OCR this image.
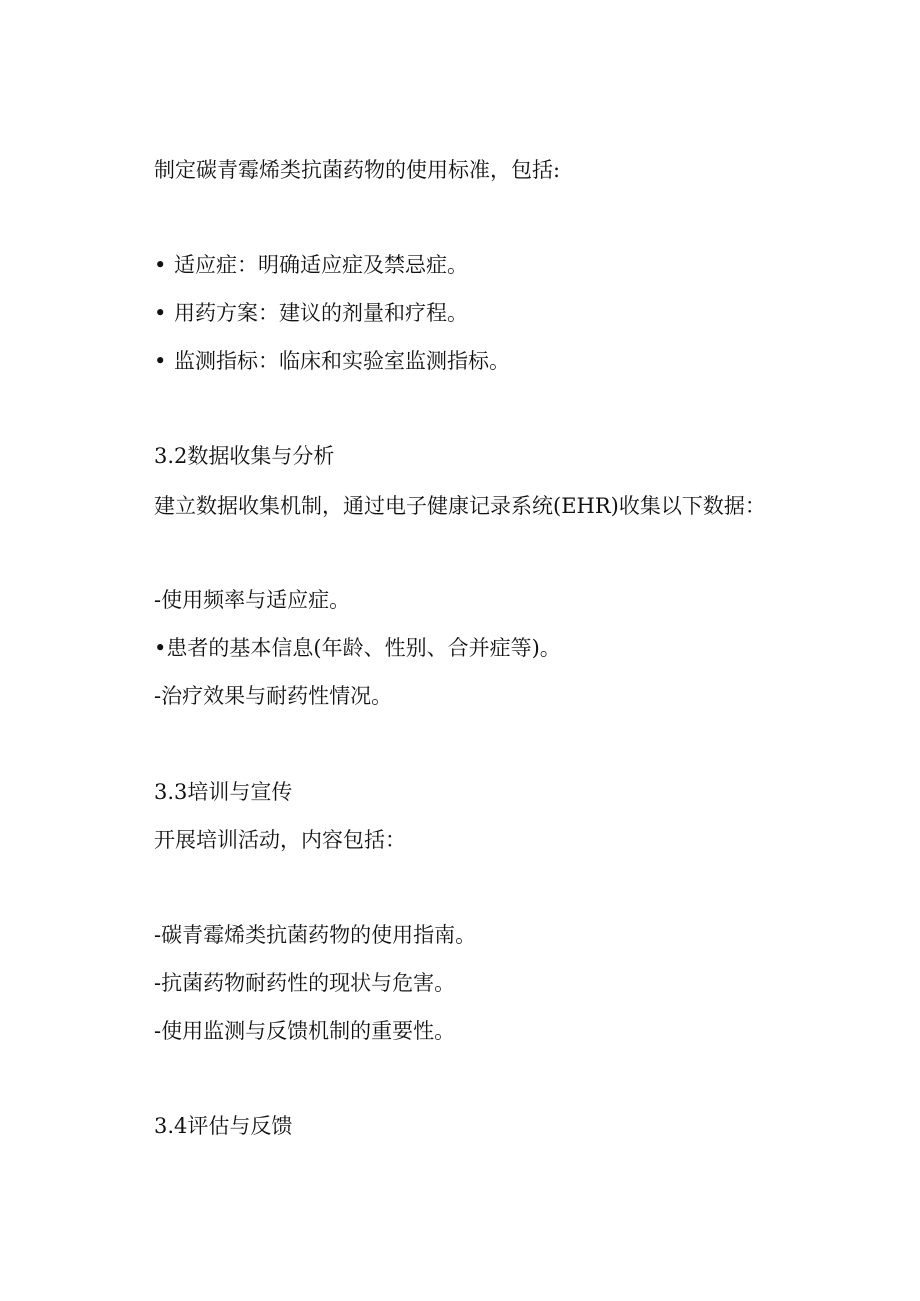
制定碳青霉烯类抗菌药物的使用标准，包括:
• 适应症：明确适应症及禁忌症。
• 用药方案：建议的剂量和疗程。
• 监测指标：临床和实验室监测指标。
3.2数据收集与分析
建立数据收集机制，通过电子健康记录系统(EHR)收集以下数据：
-使用频率与适应症。
•患者的基本信息(年龄、性别、合并症等)。
-治疗效果与耐药性情况。
3.3培训与宣传
开展培训活动，内容包括：
-碳青霉烯类抗菌药物的使用指南。
-抗菌药物耐药性的现状与危害。
-使用监测与反馈机制的重要性。
3.4评估与反馈
